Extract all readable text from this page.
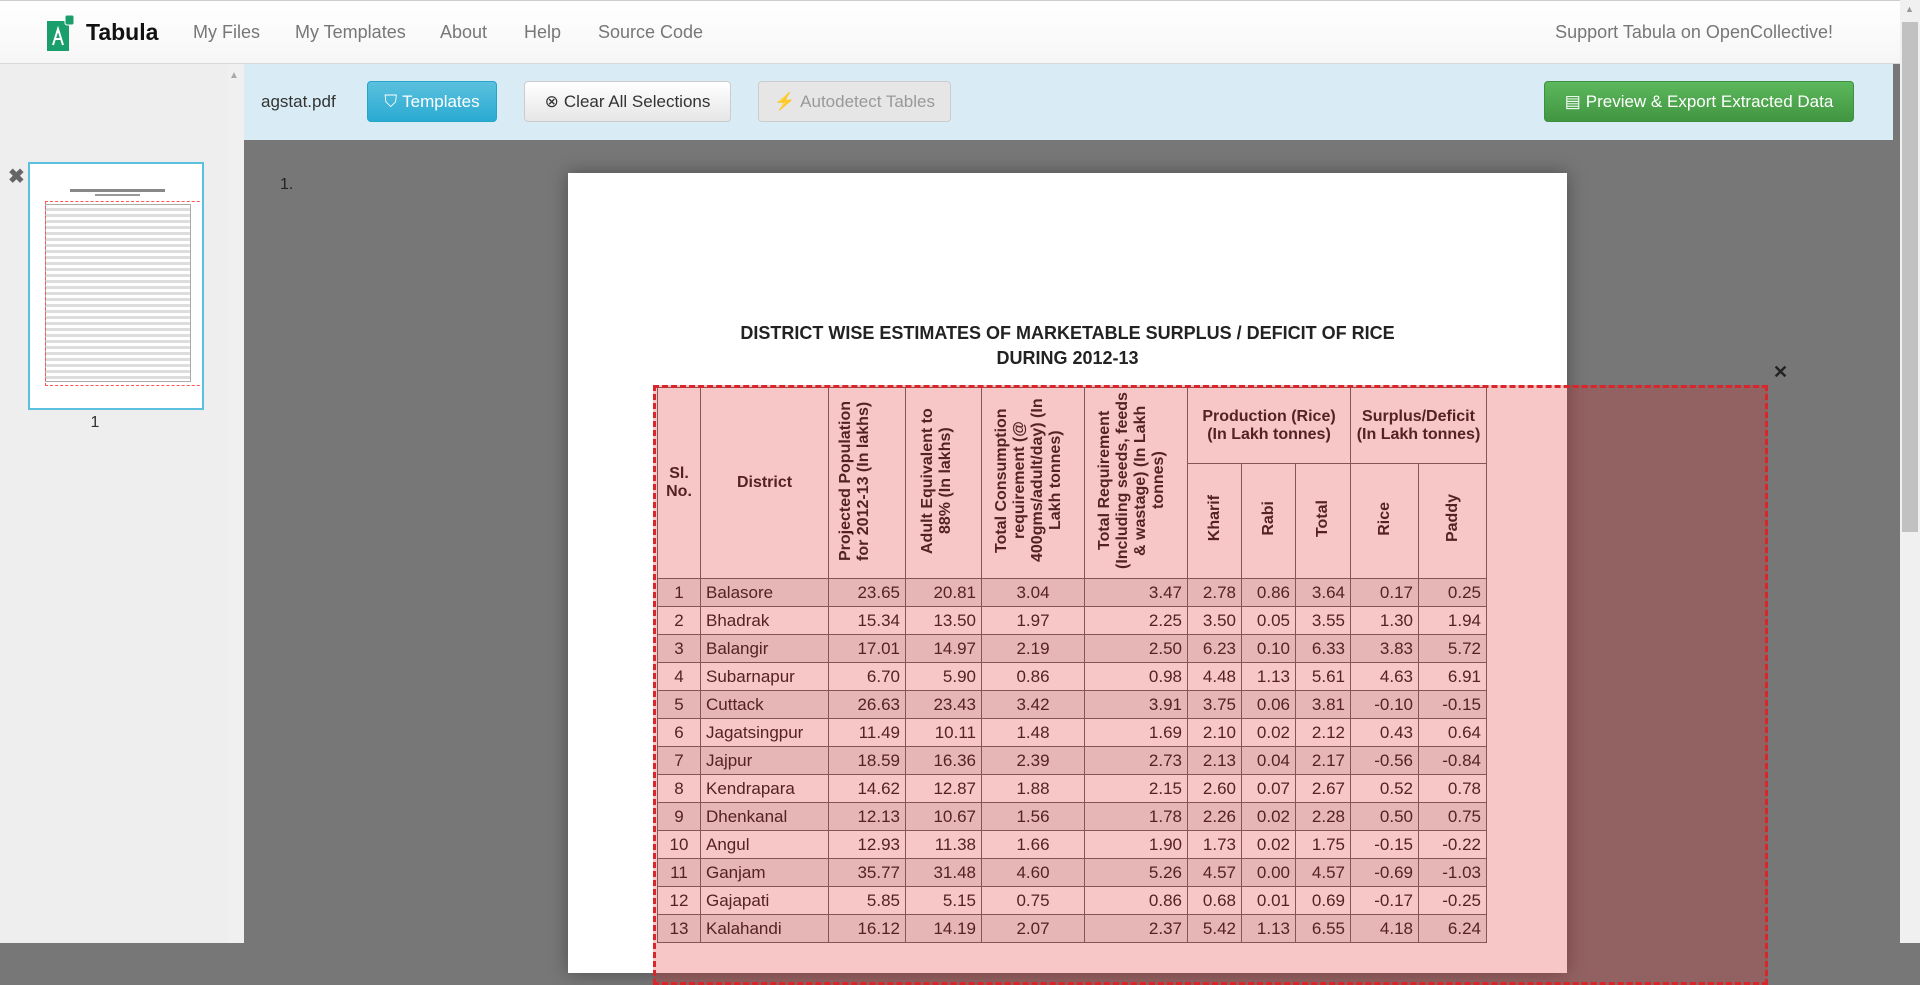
Tabula My Files My Templates About Help Source Code	Support Tabula on OpenCollective!
▲
✖
1
agstat.pdf	⛉ Templates	⊗ Clear All Selections	⚡ Autodetect Tables	▤ Preview & Export Extracted Data
1.
DISTRICT WISE ESTIMATES OF MARKETABLE SURPLUS / DEFICIT OF RICE
DURING 2012-13
Sl. No.	District	Projected Population for 2012-13 (In lakhs)	Adult Equivalent to 88% (In lakhs)	Total Consumption requirement (@ 400gms/adult/day) (In Lakh tonnes)	Total Requirement (Including seeds, feeds & wastage) (In Lakh tonnes)	Production (Rice) (In Lakh tonnes)			Surplus/Deficit (In Lakh tonnes)	
						Kharif	Rabi	Total	Rice	Paddy
1	Balasore	23.65	20.81	3.04	3.47	2.78	0.86	3.64	0.17	0.25
2	Bhadrak	15.34	13.50	1.97	2.25	3.50	0.05	3.55	1.30	1.94
3	Balangir	17.01	14.97	2.19	2.50	6.23	0.10	6.33	3.83	5.72
4	Subarnapur	6.70	5.90	0.86	0.98	4.48	1.13	5.61	4.63	6.91
5	Cuttack	26.63	23.43	3.42	3.91	3.75	0.06	3.81	-0.10	-0.15
6	Jagatsingpur	11.49	10.11	1.48	1.69	2.10	0.02	2.12	0.43	0.64
7	Jajpur	18.59	16.36	2.39	2.73	2.13	0.04	2.17	-0.56	-0.84
8	Kendrapara	14.62	12.87	1.88	2.15	2.60	0.07	2.67	0.52	0.78
9	Dhenkanal	12.13	10.67	1.56	1.78	2.26	0.02	2.28	0.50	0.75
10	Angul	12.93	11.38	1.66	1.90	1.73	0.02	1.75	-0.15	-0.22
11	Ganjam	35.77	31.48	4.60	5.26	4.57	0.00	4.57	-0.69	-1.03
12	Gajapati	5.85	5.15	0.75	0.86	0.68	0.01	0.69	-0.17	-0.25
13	Kalahandi	16.12	14.19	2.07	2.37	5.42	1.13	6.55	4.18	6.24
✕
▲
